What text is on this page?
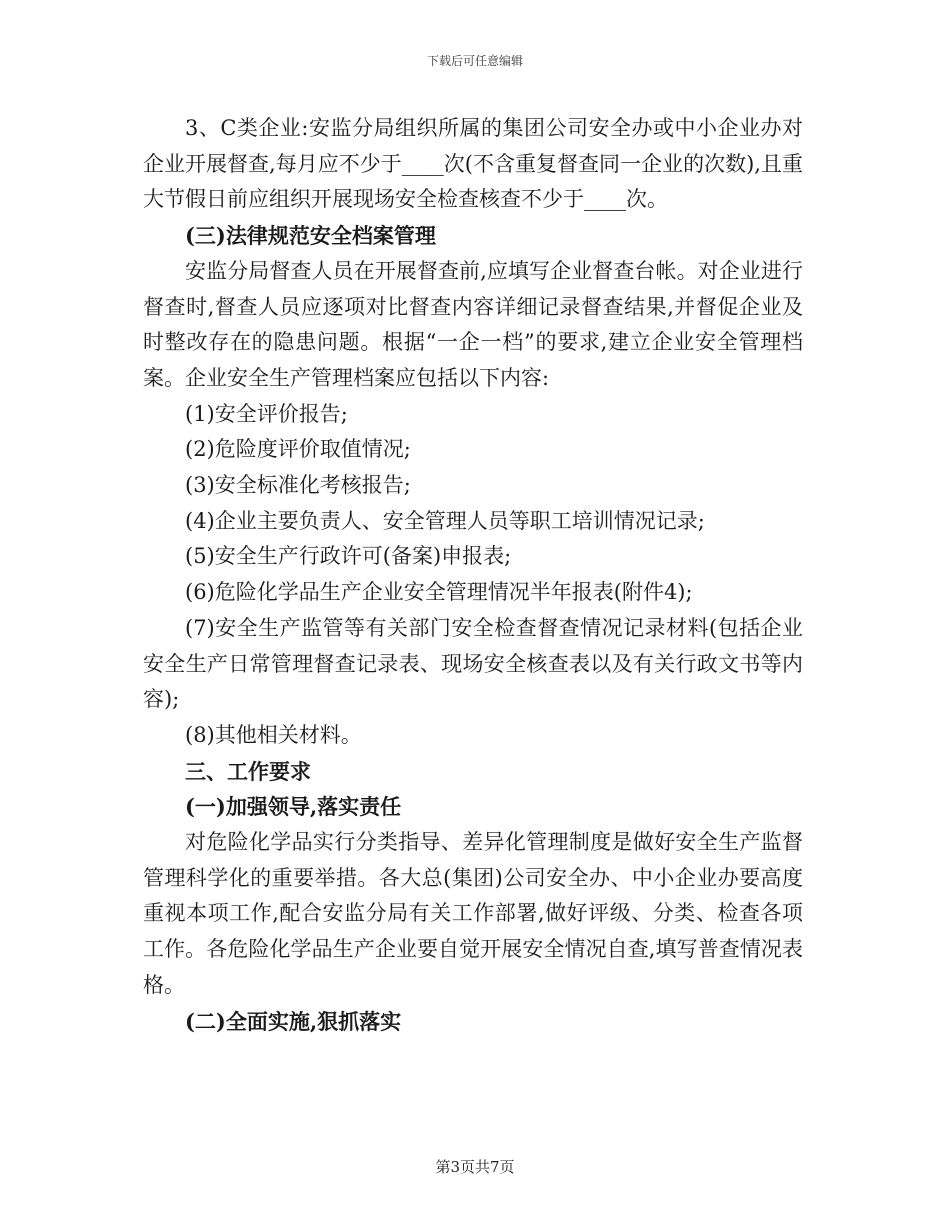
下载后可任意编辑

3、C类企业:安监分局组织所属的集团公司安全办或中小企业办对企业开展督查,每月应不少于____次(不含重复督查同一企业的次数),且重大节假日前应组织开展现场安全检查核查不少于____次。

(三)法律规范安全档案管理

安监分局督查人员在开展督查前,应填写企业督查台帐。对企业进行督查时,督查人员应逐项对比督查内容详细记录督查结果,并督促企业及时整改存在的隐患问题。根据“一企一档”的要求,建立企业安全管理档案。企业安全生产管理档案应包括以下内容:

(1)安全评价报告;

(2)危险度评价取值情况;

(3)安全标准化考核报告;

(4)企业主要负责人、安全管理人员等职工培训情况记录;

(5)安全生产行政许可(备案)申报表;

(6)危险化学品生产企业安全管理情况半年报表(附件4);

(7)安全生产监管等有关部门安全检查督查情况记录材料(包括企业安全生产日常管理督查记录表、现场安全核查表以及有关行政文书等内容);

(8)其他相关材料。

三、工作要求

(一)加强领导,落实责任

对危险化学品实行分类指导、差异化管理制度是做好安全生产监督管理科学化的重要举措。各大总(集团)公司安全办、中小企业办要高度重视本项工作,配合安监分局有关工作部署,做好评级、分类、检查各项工作。各危险化学品生产企业要自觉开展安全情况自查,填写普查情况表格。

(二)全面实施,狠抓落实

第3页共7页
